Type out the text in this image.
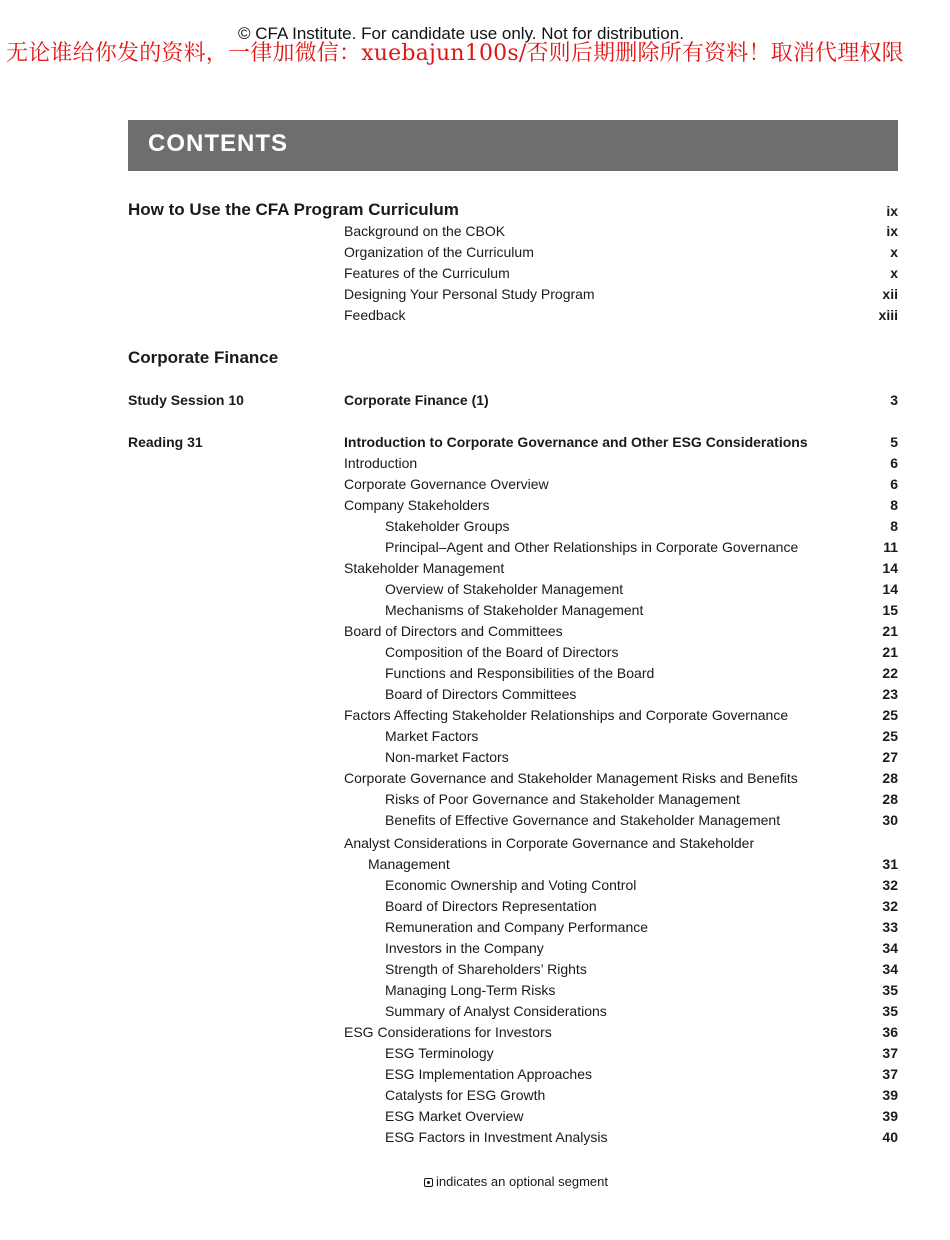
© CFA Institute. For candidate use only. Not for distribution.
无论谁给你发的资料，一律加微信：xuebajun100s/否则后期删除所有资料！取消代理权限
CONTENTS
How to Use the CFA Program Curriculum	ix
Background on the CBOK	ix
Organization of the Curriculum	x
Features of the Curriculum	x
Designing Your Personal Study Program	xii
Feedback	xiii
Corporate Finance
Study Session 10	Corporate Finance (1)	3
Reading 31	Introduction to Corporate Governance and Other ESG Considerations	5
Introduction	6
Corporate Governance Overview	6
Company Stakeholders	8
Stakeholder Groups	8
Principal–Agent and Other Relationships in Corporate Governance	11
Stakeholder Management	14
Overview of Stakeholder Management	14
Mechanisms of Stakeholder Management	15
Board of Directors and Committees	21
Composition of the Board of Directors	21
Functions and Responsibilities of the Board	22
Board of Directors Committees	23
Factors Affecting Stakeholder Relationships and Corporate Governance	25
Market Factors	25
Non-market Factors	27
Corporate Governance and Stakeholder Management Risks and Benefits	28
Risks of Poor Governance and Stakeholder Management	28
Benefits of Effective Governance and Stakeholder Management	30
Analyst Considerations in Corporate Governance and Stakeholder
Management	31
Economic Ownership and Voting Control	32
Board of Directors Representation	32
Remuneration and Company Performance	33
Investors in the Company	34
Strength of Shareholders’ Rights	34
Managing Long-Term Risks	35
Summary of Analyst Considerations	35
ESG Considerations for Investors	36
ESG Terminology	37
ESG Implementation Approaches	37
Catalysts for ESG Growth	39
ESG Market Overview	39
ESG Factors in Investment Analysis	40
indicates an optional segment
